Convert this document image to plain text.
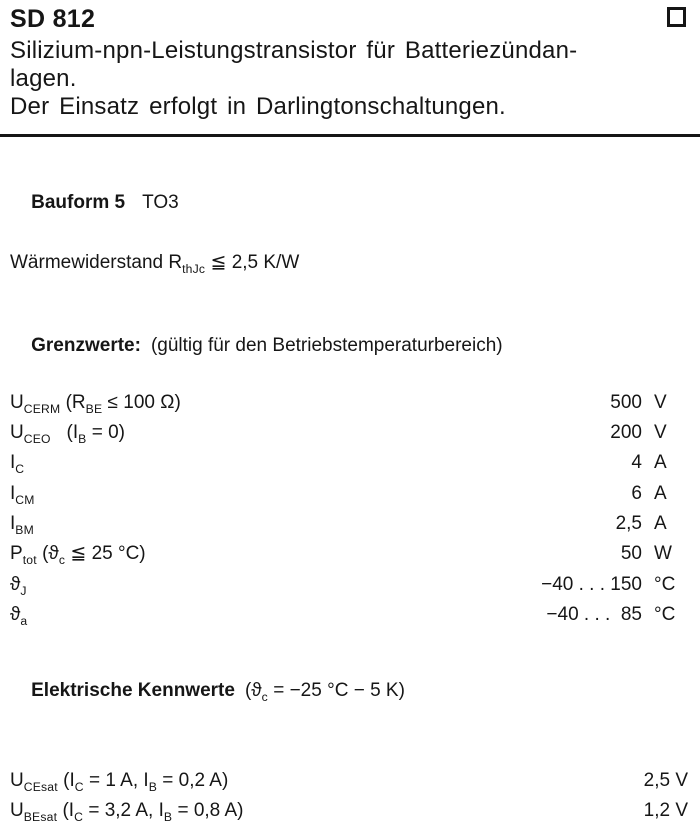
SD 812
Silizium-npn-Leistungstransistor für Batteriezündan-
lagen.
Der Einsatz erfolgt in Darlingtonschaltungen.

Bauform 5 TO3

Wärmewiderstand $R_{thJc}$ ≦ 2,5 K/W

Grenzwerte: (gültig für den Betriebstemperaturbereich)

$U_{CERM}$ ($R_{BE} \le 100$ Ω)	500 V
$U_{CEO}$   $(I_B = 0)$	200 V
$I_C$	4 A
$I_{CM}$	6 A
$I_{BM}$	2,5 A
$P_{tot}$ ($ϑ_c$ ≦ 25 °C)	50 W
$ϑ_J$	−40 . . . 150 °C
$ϑ_a$	−40 . . .  85 °C

Elektrische Kennwerte ($ϑ_c = -25$ °C − 5 K)

$U_{CEsat}$ ($I_C = 1$ A, $I_B = 0,2$ A)	2,5 V
$U_{BEsat}$ ($I_C = 3,2$ A, $I_B = 0,8$ A)	1,2 V
